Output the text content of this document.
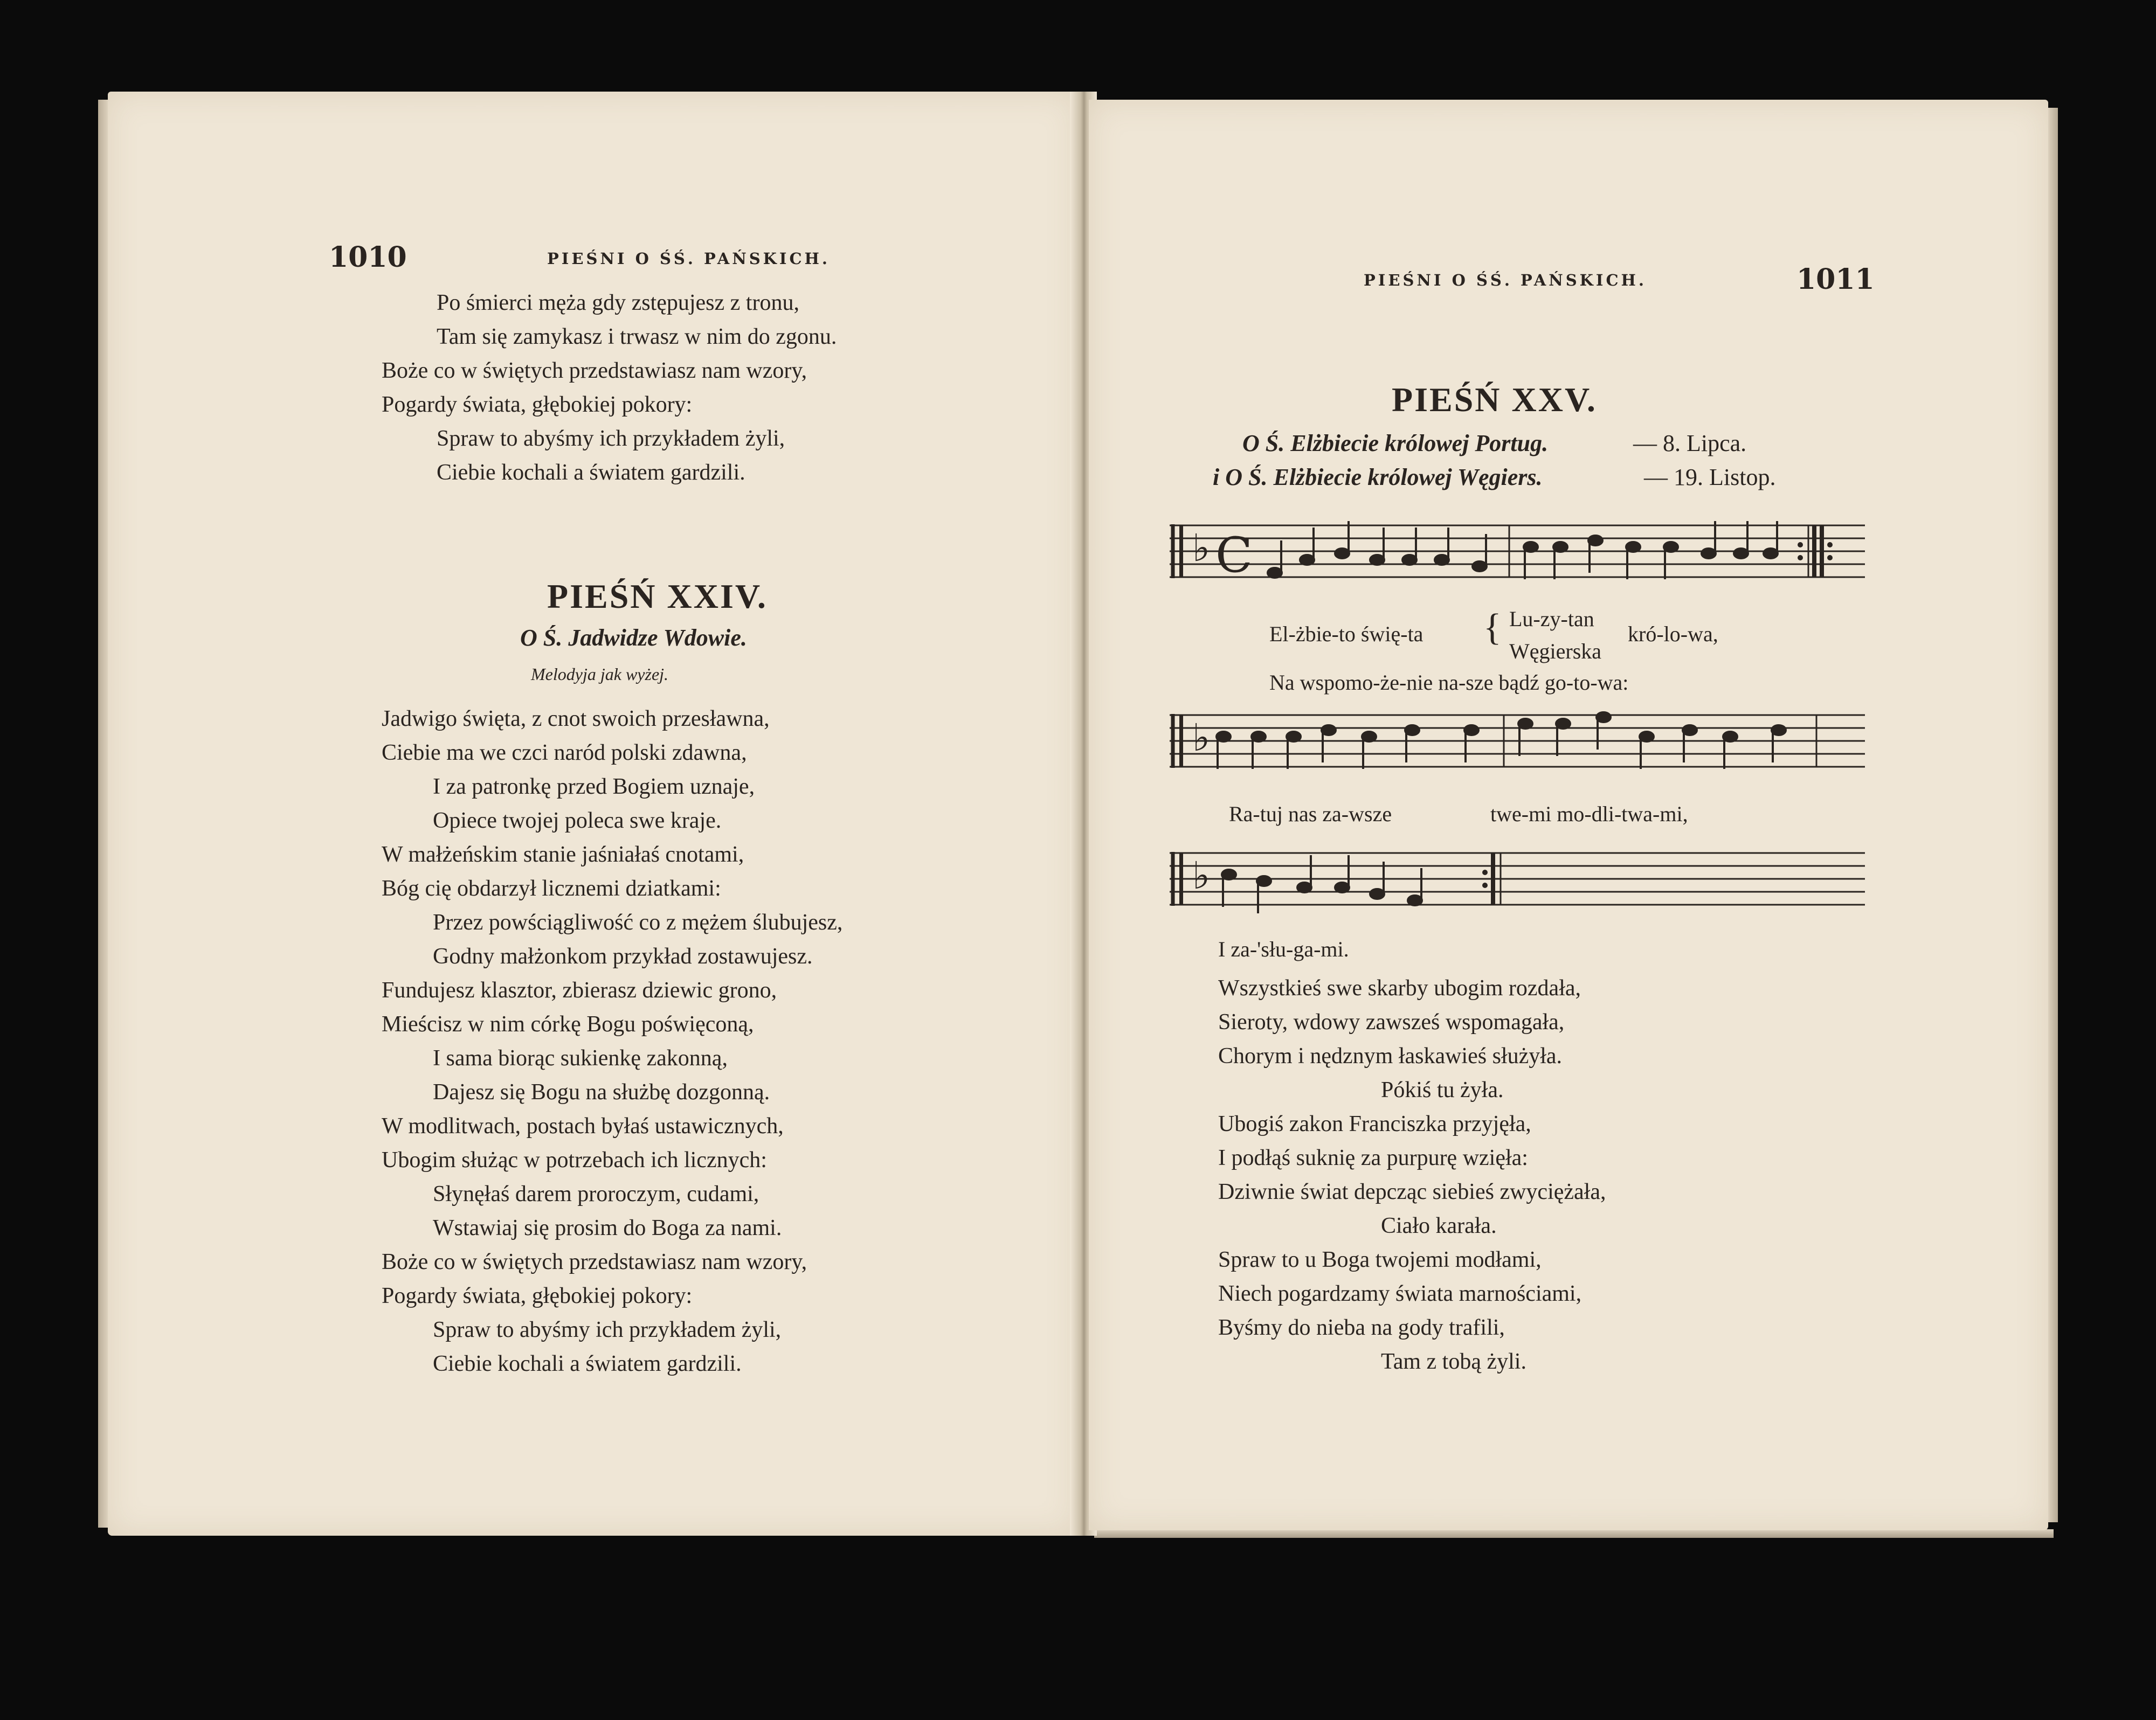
1010	PIEŚNI O ŚŚ. PAŃSKICH.
Po śmierci męża gdy zstępujesz z tronu,
Tam się zamykasz i trwasz w nim do zgonu.
Boże co w świętych przedstawiasz nam wzory,
Pogardy świata, głębokiej pokory:
Spraw to abyśmy ich przykładem żyli,
Ciebie kochali a światem gardzili.
PIEŚŃ XXIV.
O Ś. Jadwidze Wdowie.
Melodyja jak wyżej.
Jadwigo święta, z cnot swoich przesławna,
Ciebie ma we czci naród polski zdawna,
I za patronkę przed Bogiem uznaje,
Opiece twojej poleca swe kraje.
W małżeńskim stanie jaśniałaś cnotami,
Bóg cię obdarzył licznemi dziatkami:
Przez powściągliwość co z mężem ślubujesz,
Godny małżonkom przykład zostawujesz.
Fundujesz klasztor, zbierasz dziewic grono,
Mieścisz w nim córkę Bogu poświęconą,
I sama biorąc sukienkę zakonną,
Dajesz się Bogu na służbę dozgonną.
W modlitwach, postach byłaś ustawicznych,
Ubogim służąc w potrzebach ich licznych:
Słynęłaś darem proroczym, cudami,
Wstawiaj się prosim do Boga za nami.
Boże co w świętych przedstawiasz nam wzory,
Pogardy świata, głębokiej pokory:
Spraw to abyśmy ich przykładem żyli,
Ciebie kochali a światem gardzili.
PIEŚNI O ŚŚ. PAŃSKICH.	1011
PIEŚŃ XXV.
O Ś. Elżbiecie królowej Portug.	— 8. Lipca.
i O Ś. Elżbiecie królowej Węgiers.	— 19. Listop.
♭ C
El-żbie-to świę-ta { Lu-zy-tan
Węgierska
kró-lo-wa,
Na wspomo-że-nie na-sze bądź go-to-wa:
♭
Ra-tuj nas za-wsze	twe-mi mo-dli-twa-mi,
♭
I za-'słu-ga-mi.
Wszystkieś swe skarby ubogim rozdała,
Sieroty, wdowy zawsześ wspomagała,
Chorym i nędznym łaskawieś służyła.
Pókiś tu żyła.
Ubogiś zakon Franciszka przyjęła,
I podłąś suknię za purpurę wzięła:
Dziwnie świat depcząc siebieś zwyciężała,
Ciało karała.
Spraw to u Boga twojemi modłami,
Niech pogardzamy świata marnościami,
Byśmy do nieba na gody trafili,
Tam z tobą żyli.
